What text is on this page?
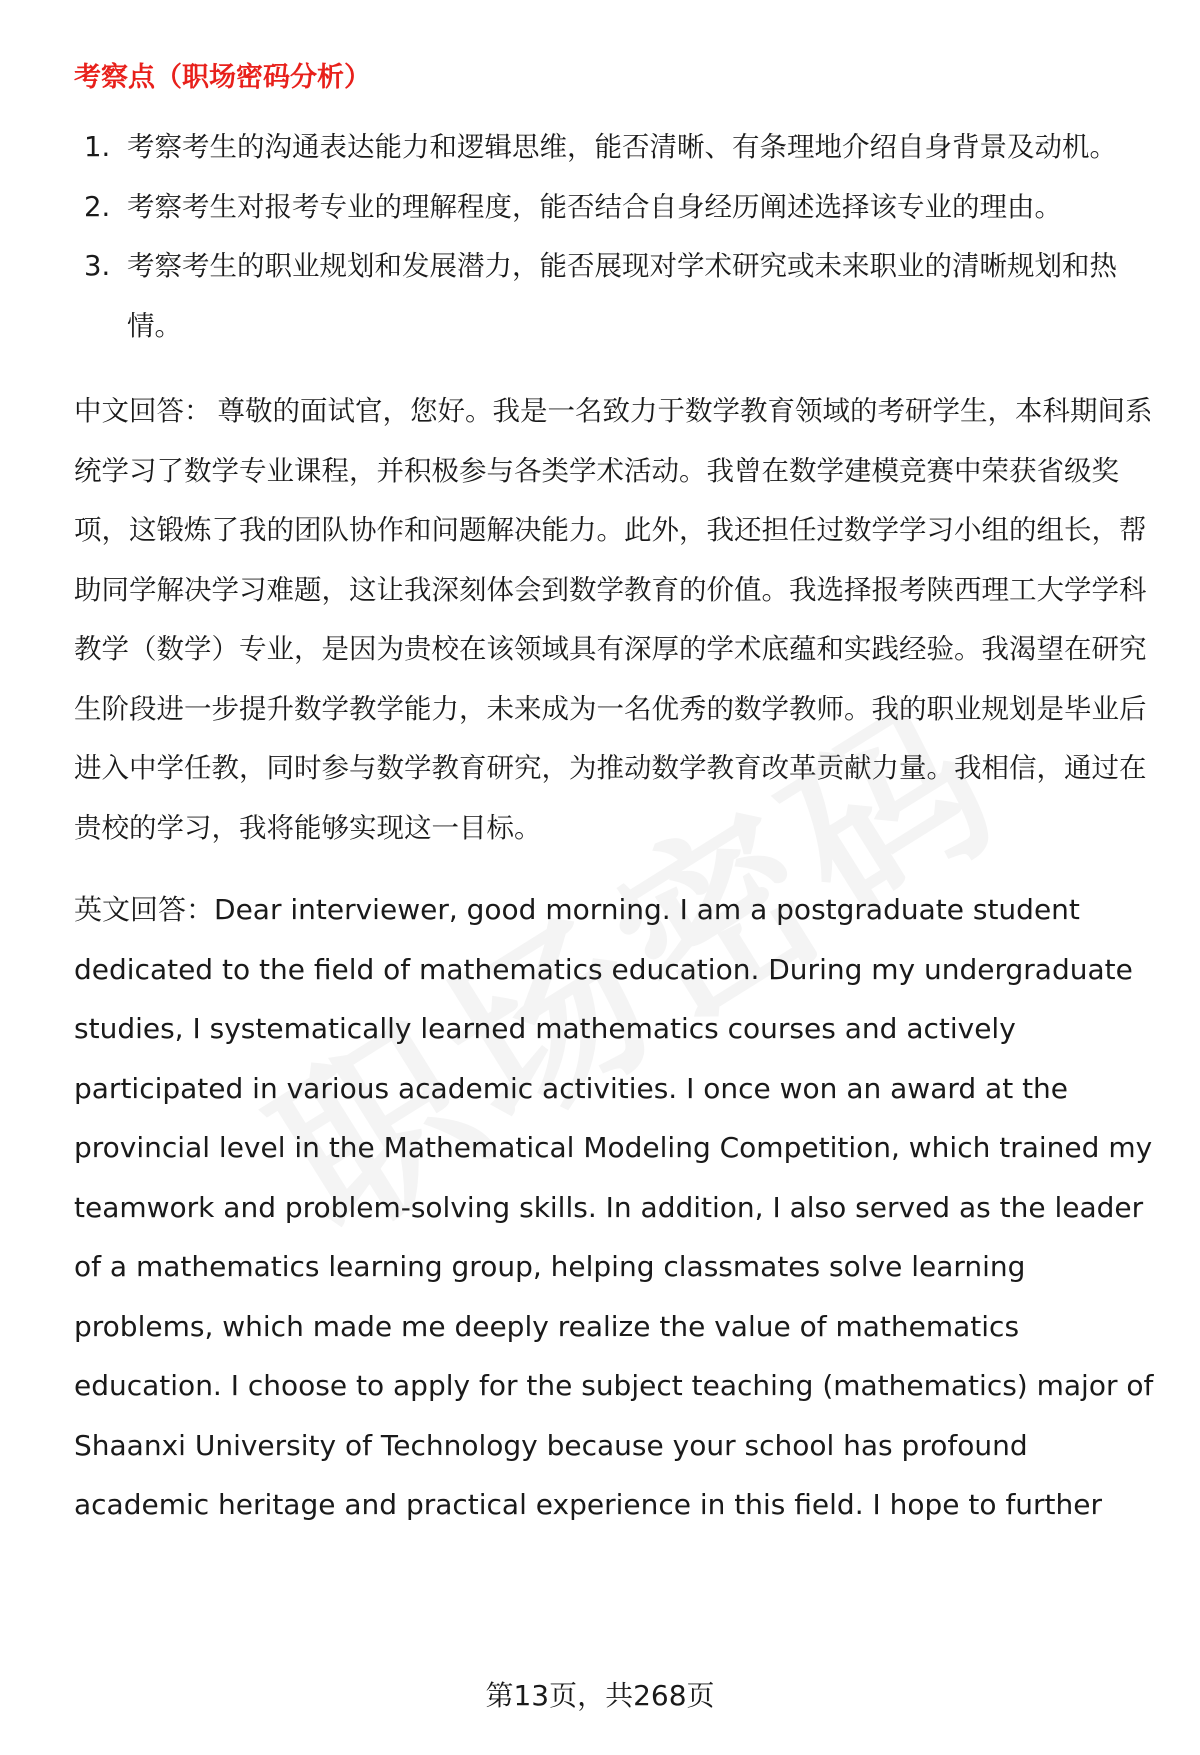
考察点（职场密码分析）
1. 考察考生的沟通表达能力和逻辑思维，能否清晰、有条理地介绍自身背景及动机。
2. 考察考生对报考专业的理解程度，能否结合自身经历阐述选择该专业的理由。
3. 考察考生的职业规划和发展潜力，能否展现对学术研究或未来职业的清晰规划和热情。
中文回答： 尊敬的面试官，您好。我是一名致力于数学教育领域的考研学生，本科期间系统学习了数学专业课程，并积极参与各类学术活动。我曾在数学建模竞赛中荣获省级奖项，这锻炼了我的团队协作和问题解决能力。此外，我还担任过数学学习小组的组长，帮助同学解决学习难题，这让我深刻体会到数学教育的价值。我选择报考陕西理工大学学科教学（数学）专业，是因为贵校在该领域具有深厚的学术底蕴和实践经验。我渴望在研究生阶段进一步提升数学教学能力，未来成为一名优秀的数学教师。我的职业规划是毕业后进入中学任教，同时参与数学教育研究，为推动数学教育改革贡献力量。我相信，通过在贵校的学习，我将能够实现这一目标。
英文回答：Dear interviewer, good morning. I am a postgraduate student dedicated to the field of mathematics education. During my undergraduate studies, I systematically learned mathematics courses and actively participated in various academic activities. I once won an award at the provincial level in the Mathematical Modeling Competition, which trained my teamwork and problem-solving skills. In addition, I also served as the leader of a mathematics learning group, helping classmates solve learning problems, which made me deeply realize the value of mathematics education. I choose to apply for the subject teaching (mathematics) major of Shaanxi University of Technology because your school has profound academic heritage and practical experience in this field. I hope to further
第13页，共268页
